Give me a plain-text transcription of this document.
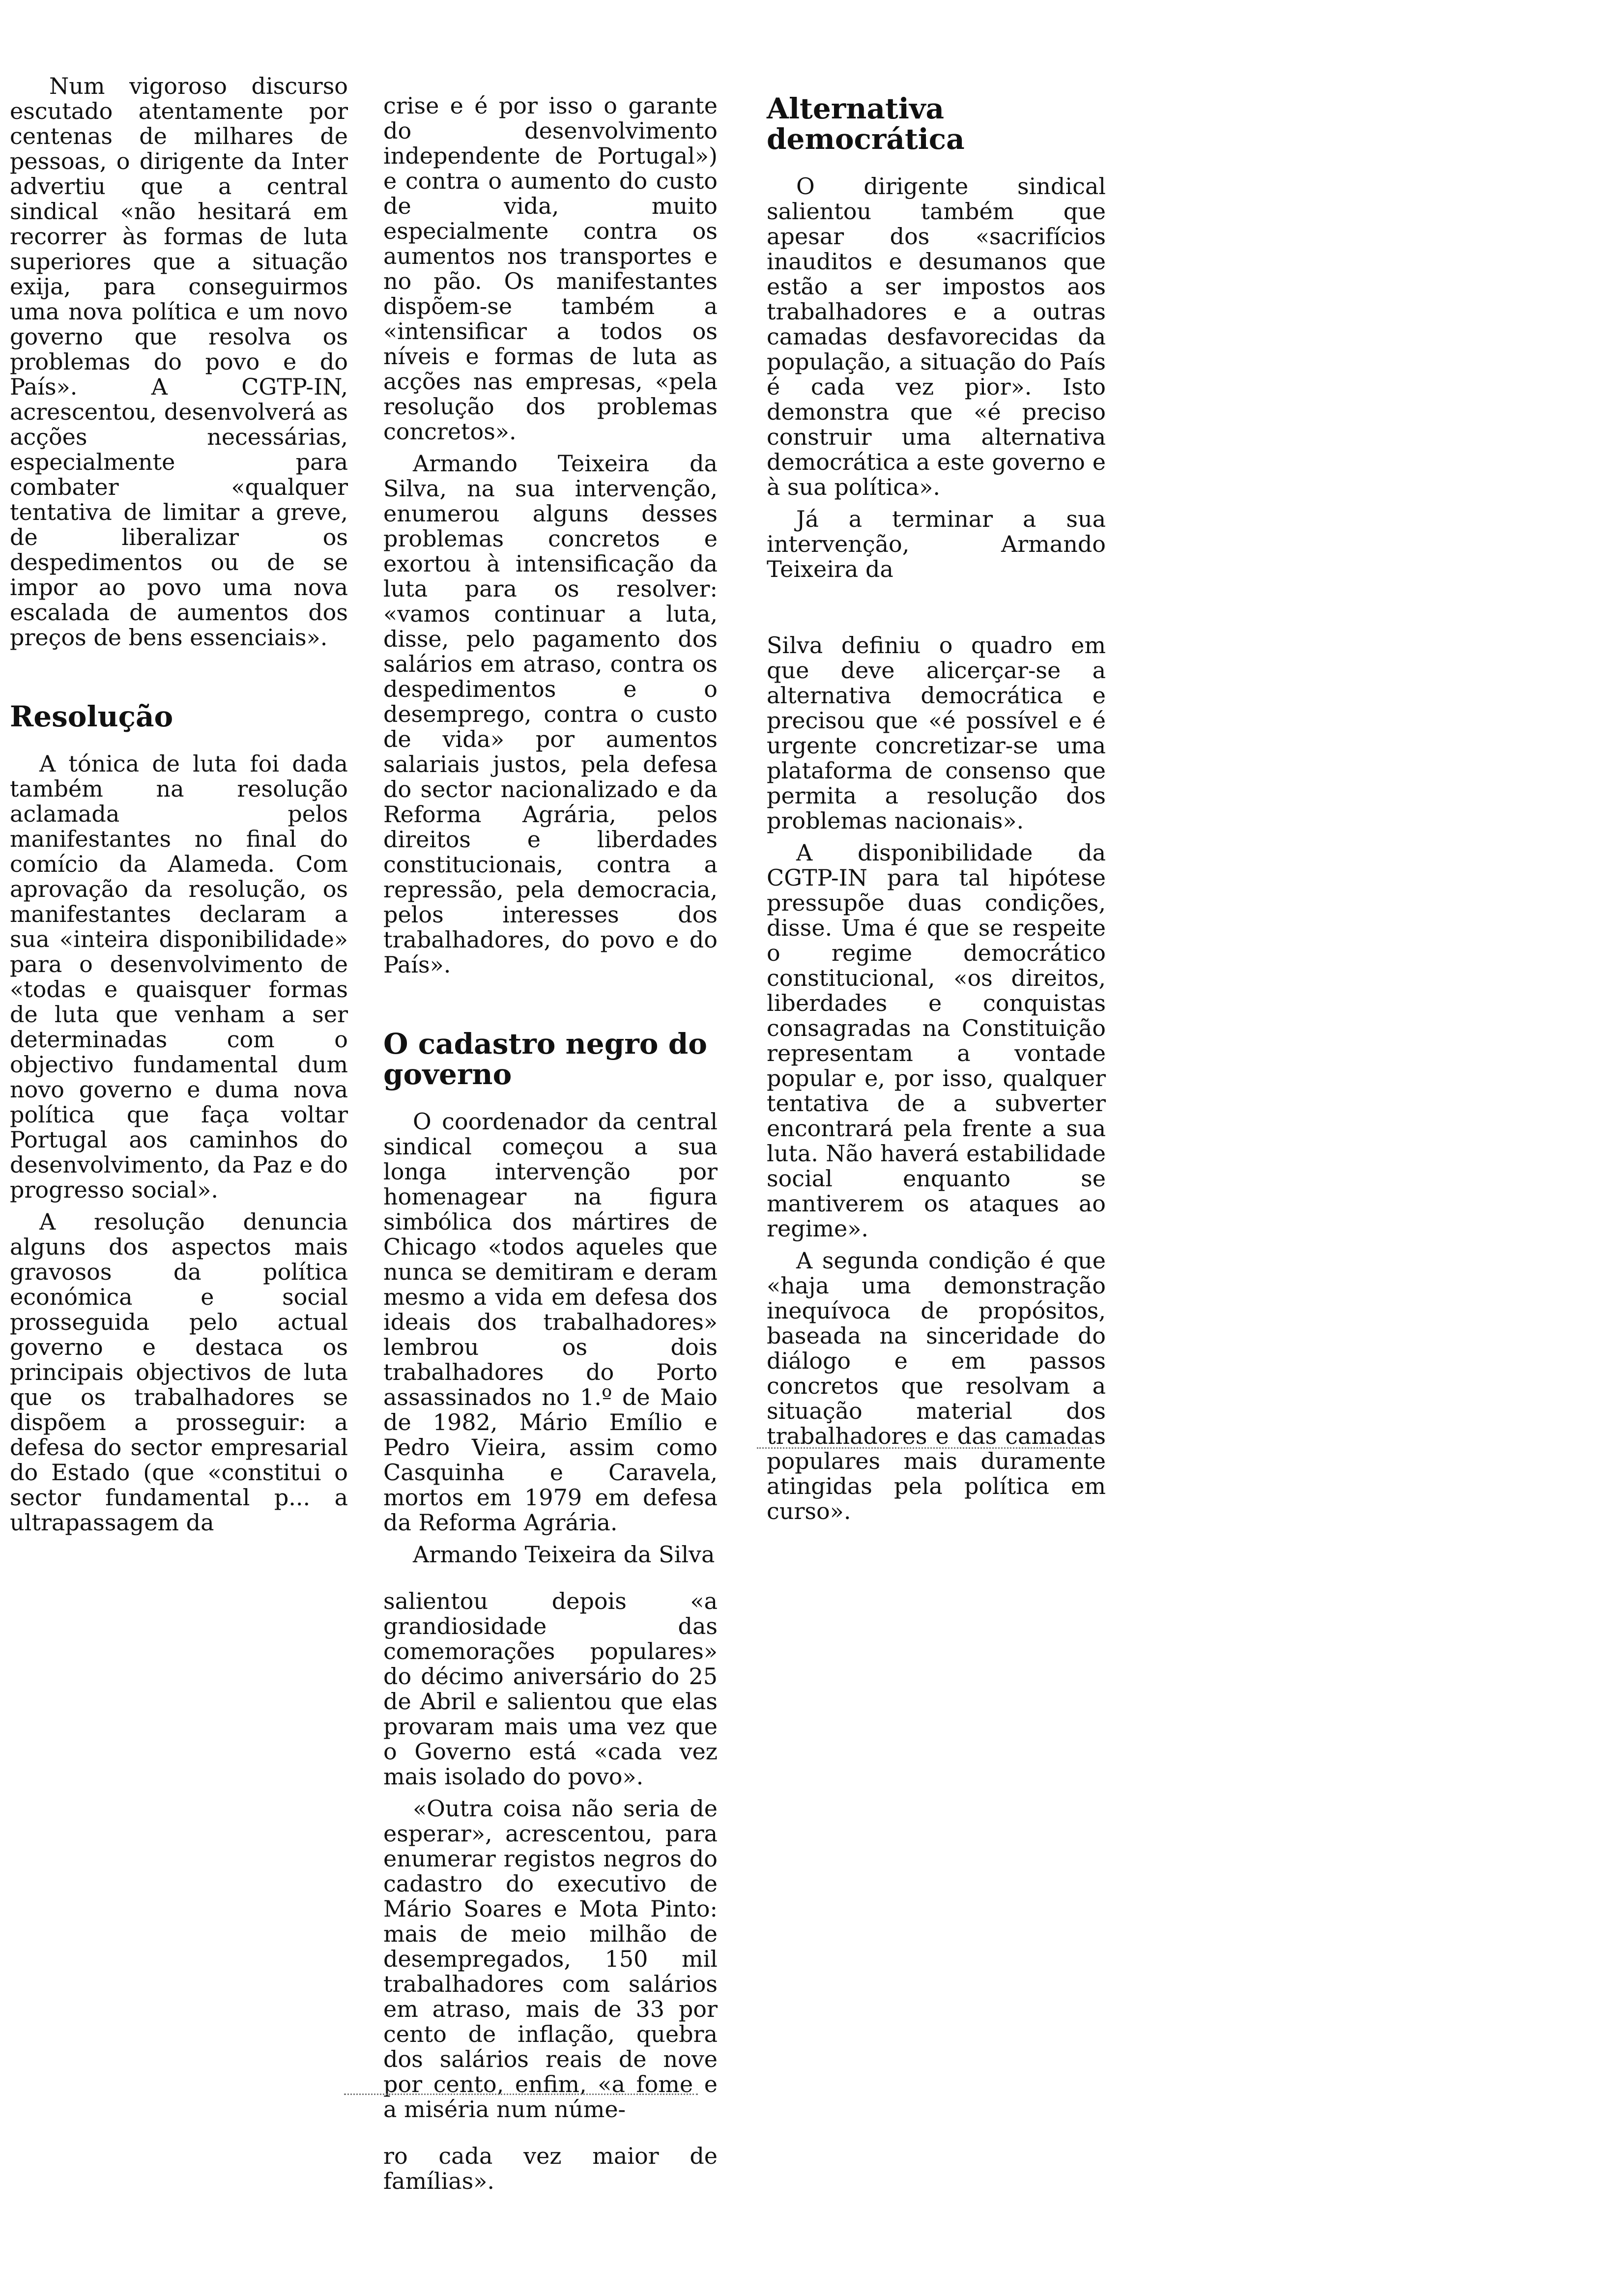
Num vigoroso discurso escutado atentamente por centenas de milhares de pessoas, o dirigente da Inter advertiu que a central sindical «não hesitará em recorrer às formas de luta superiores que a situação exija, para conseguirmos uma nova política e um novo governo que resolva os problemas do povo e do País». A CGTP-IN, acrescentou, desenvolverá as acções necessárias, especialmente para combater «qualquer tentativa de limitar a greve, de liberalizar os despedimentos ou de se impor ao povo uma nova escalada de aumentos dos preços de bens essenciais».

Resolução

A tónica de luta foi dada também na resolução aclamada pelos manifestantes no final do comício da Alameda. Com aprovação da resolução, os manifestantes declaram a sua «inteira disponibilidade» para o desenvolvimento de «todas e quaisquer formas de luta que venham a ser determinadas com o objectivo fundamental dum novo governo e duma nova política que faça voltar Portugal aos caminhos do desenvolvimento, da Paz e do progresso social».

A resolução denuncia alguns dos aspectos mais gravosos da política económica e social prosseguida pelo actual governo e destaca os principais objectivos de luta que os trabalhadores se dispõem a prosseguir: a defesa do sector empresarial do Estado (que «constitui o sector fundamental p... a ultrapassagem da

crise e é por isso o garante do desenvolvimento independente de Portugal») e contra o aumento do custo de vida, muito especialmente contra os aumentos nos transportes e no pão. Os manifestantes dispõem-se também a «intensificar a todos os níveis e formas de luta as acções nas empresas, «pela resolução dos problemas concretos».

Armando Teixeira da Silva, na sua intervenção, enumerou alguns desses problemas concretos e exortou à intensificação da luta para os resolver: «vamos continuar a luta, disse, pelo pagamento dos salários em atraso, contra os despedimentos e o desemprego, contra o custo de vida» por aumentos salariais justos, pela defesa do sector nacionalizado e da Reforma Agrária, pelos direitos e liberdades constitucionais, contra a repressão, pela democracia, pelos interesses dos trabalhadores, do povo e do País».

O cadastro negro do governo

O coordenador da central sindical começou a sua longa intervenção por homenagear na figura simbólica dos mártires de Chicago «todos aqueles que nunca se demitiram e deram mesmo a vida em defesa dos ideais dos trabalhadores» lembrou os dois trabalhadores do Porto assassinados no 1.º de Maio de 1982, Mário Emílio e Pedro Vieira, assim como Casquinha e Caravela, mortos em 1979 em defesa da Reforma Agrária.

Armando Teixeira da Silva

salientou depois «a grandiosidade das comemorações populares» do décimo aniversário do 25 de Abril e salientou que elas provaram mais uma vez que o Governo está «cada vez mais isolado do povo».

«Outra coisa não seria de esperar», acrescentou, para enumerar registos negros do cadastro do executivo de Mário Soares e Mota Pinto: mais de meio milhão de desempregados, 150 mil trabalhadores com salários em atraso, mais de 33 por cento de inflação, quebra dos salários reais de nove por cento, enfim, «a fome e a miséria num núme-

ro cada vez maior de famílias».

Alternativa democrática

O dirigente sindical salientou também que apesar dos «sacrifícios inauditos e desumanos que estão a ser impostos aos trabalhadores e a outras camadas desfavorecidas da população, a situação do País é cada vez pior». Isto demonstra que «é preciso construir uma alternativa democrática a este governo e à sua política».

Já a terminar a sua intervenção, Armando Teixeira da

Silva definiu o quadro em que deve alicerçar-se a alternativa democrática e precisou que «é possível e é urgente concretizar-se uma plataforma de consenso que permita a resolução dos problemas nacionais».

A disponibilidade da CGTP-IN para tal hipótese pressupõe duas condições, disse. Uma é que se respeite o regime democrático constitucional, «os direitos, liberdades e conquistas consagradas na Constituição representam a vontade popular e, por isso, qualquer tentativa de a subverter encontrará pela frente a sua luta. Não haverá estabilidade social enquanto se mantiverem os ataques ao regime».

A segunda condição é que «haja uma demonstração inequívoca de propósitos, baseada na sinceridade do diálogo e em passos concretos que resolvam a situação material dos trabalhadores e das camadas populares mais duramente atingidas pela política em curso».
